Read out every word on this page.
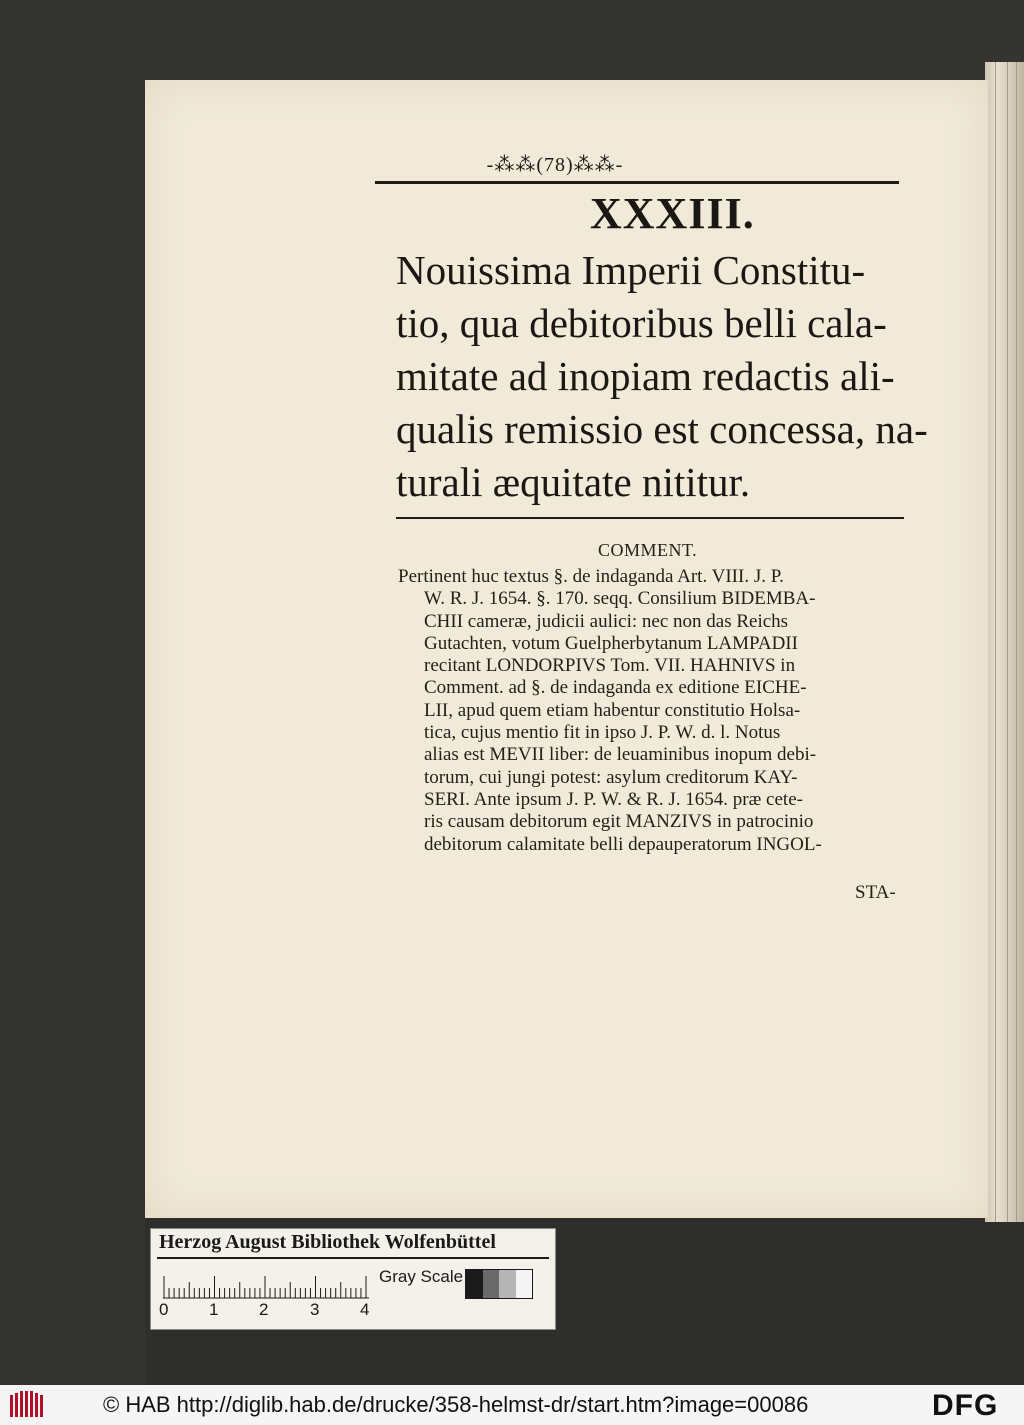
-⁂⁂(78)⁂⁂-
XXXIII.
Nouissima Imperii Constitu-
tio, qua debitoribus belli cala-
mitate ad inopiam redactis ali-
qualis remissio est concessa, na-
turali æquitate nititur.
COMMENT.
Pertinent huc textus §. de indaganda Art. VIII. J. P.
W. R. J. 1654. §. 170. seqq. Consilium BIDEMBA-
CHII cameræ, judicii aulici: nec non das Reichs
Gutachten, votum Guelpherbytanum LAMPADII
recitant LONDORPIVS Tom. VII. HAHNIVS in
Comment. ad §. de indaganda ex editione EICHE-
LII, apud quem etiam habentur constitutio Holsa-
tica, cujus mentio fit in ipso J. P. W. d. l. Notus
alias est MEVII liber: de leuaminibus inopum debi-
torum, cui jungi potest: asylum creditorum KAY-
SERI. Ante ipsum J. P. W. & R. J. 1654. præ cete-
ris causam debitorum egit MANZIVS in patrocinio
debitorum calamitate belli depauperatorum INGOL-
STA-
Herzog August Bibliothek Wolfenbüttel
0 1 2 3 4
Gray Scale
© HAB http://diglib.hab.de/drucke/358-helmst-dr/start.htm?image=00086	DFG
